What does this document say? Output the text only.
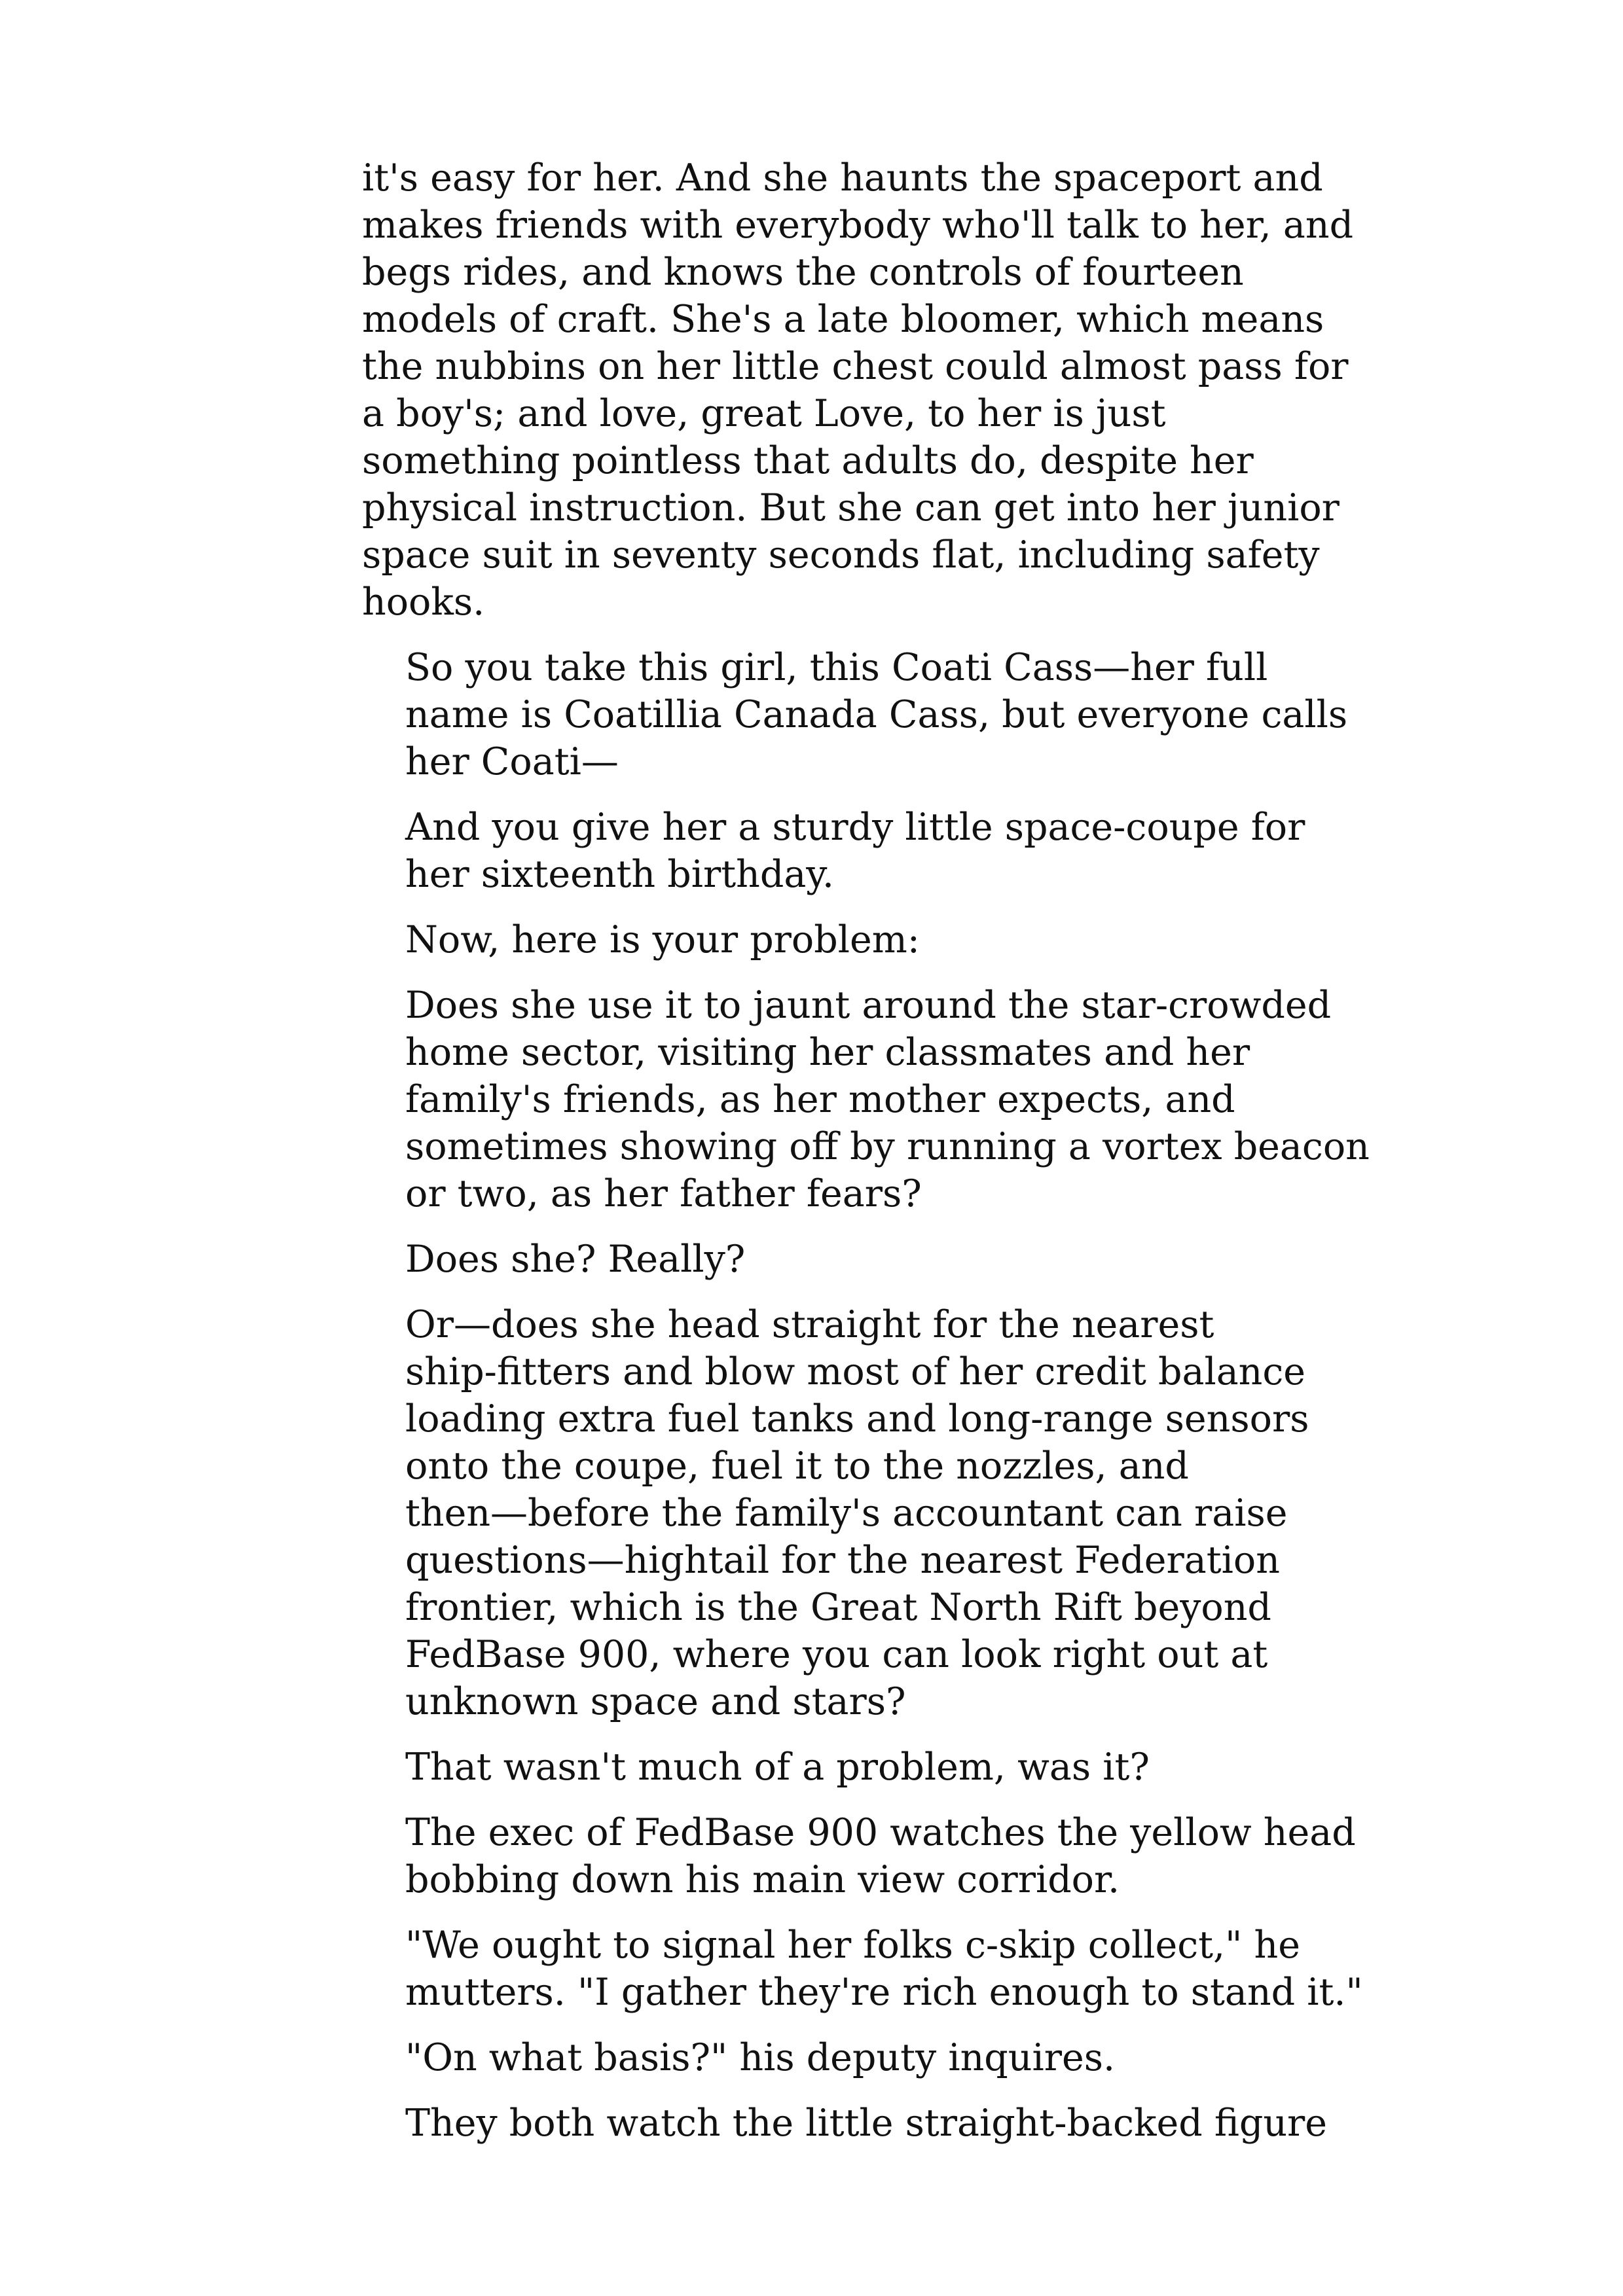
it's easy for her. And she haunts the spaceport and
makes friends with everybody who'll talk to her, and
begs rides, and knows the controls of fourteen
models of craft. She's a late bloomer, which means
the nubbins on her little chest could almost pass for
a boy's; and love, great Love, to her is just
something pointless that adults do, despite her
physical instruction. But she can get into her junior
space suit in seventy seconds flat, including safety
hooks.

So you take this girl, this Coati Cass—her full
name is Coatillia Canada Cass, but everyone calls
her Coati—

And you give her a sturdy little space-coupe for
her sixteenth birthday.

Now, here is your problem:

Does she use it to jaunt around the star-crowded
home sector, visiting her classmates and her
family's friends, as her mother expects, and
sometimes showing off by running a vortex beacon
or two, as her father fears?

Does she? Really?

Or—does she head straight for the nearest
ship-fitters and blow most of her credit balance
loading extra fuel tanks and long-range sensors
onto the coupe, fuel it to the nozzles, and
then—before the family's accountant can raise
questions—hightail for the nearest Federation
frontier, which is the Great North Rift beyond
FedBase 900, where you can look right out at
unknown space and stars?

That wasn't much of a problem, was it?

The exec of FedBase 900 watches the yellow head
bobbing down his main view corridor.

"We ought to signal her folks c-skip collect," he
mutters. "I gather they're rich enough to stand it."

"On what basis?" his deputy inquires.

They both watch the little straight-backed figure
